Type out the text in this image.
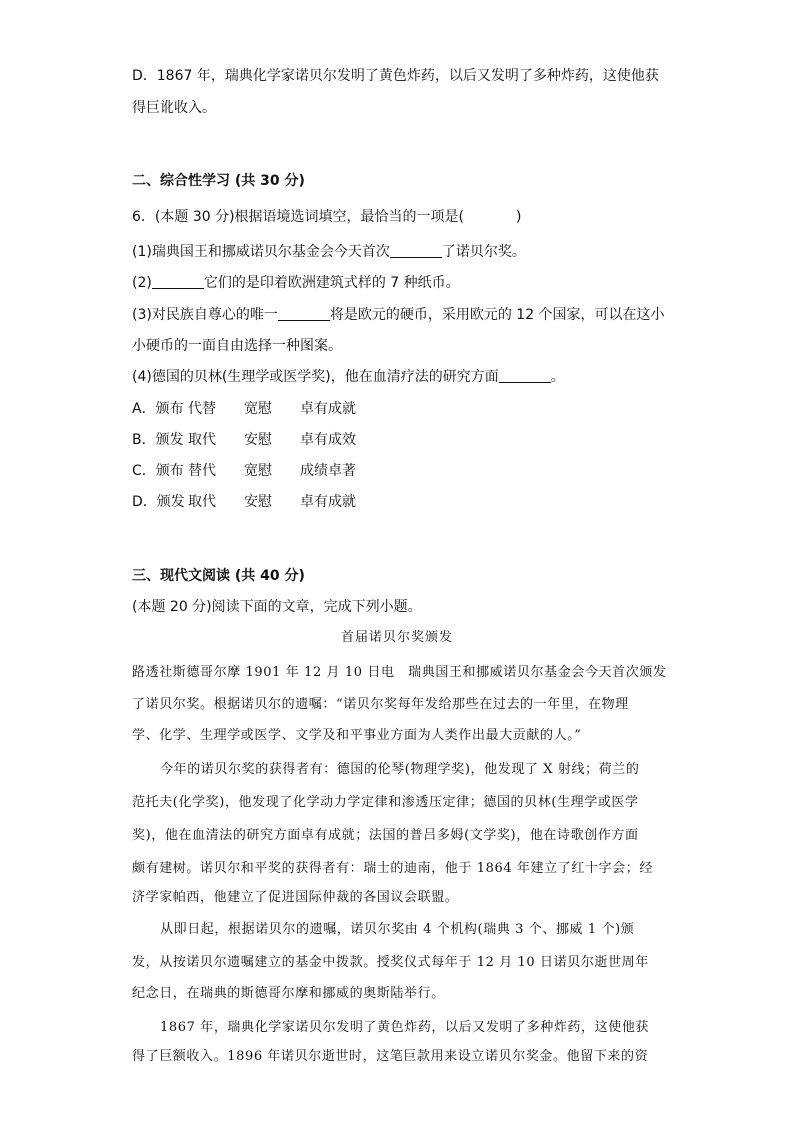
D．1867 年，瑞典化学家诺贝尔发明了黄色炸药，以后又发明了多种炸药，这使他获
得巨讹收入。
二、综合性学习 (共 30 分)
6．(本题 30 分)根据语境选词填空，最恰当的一项是(	)
(1)瑞典国王和挪威诺贝尔基金会今天首次	了诺贝尔奖。
(2)	它们的是印着欧洲建筑式样的 7 种纸币。
(3)对民族自尊心的唯一	将是欧元的硬币，采用欧元的 12 个国家，可以在这小
小硬币的一面自由选择一种图案。
(4)德国的贝林(生理学或医学奖)，他在血清疗法的研究方面	。
A．颁布 代替 宽慰 卓有成就
B．颁发 取代 安慰 卓有成效
C．颁布 替代 宽慰 成绩卓著
D．颁发 取代 安慰 卓有成就
三、现代文阅读 (共 40 分)
(本题 20 分)阅读下面的文章，完成下列小题。
首届诺贝尔奖颁发
路透社斯德哥尔摩 1901 年 12 月 10 日电　瑞典国王和挪威诺贝尔基金会今天首次颁发
了诺贝尔奖。根据诺贝尔的遗嘱：“诺贝尔奖每年发给那些在过去的一年里，在物理
学、化学、生理学或医学、文学及和平事业方面为人类作出最大贡献的人。”
今年的诺贝尔奖的获得者有：德国的伦琴(物理学奖)，他发现了 X 射线；荷兰的
范托夫(化学奖)，他发现了化学动力学定律和渗透压定律；德国的贝林(生理学或医学
奖)，他在血清法的研究方面卓有成就；法国的普吕多姆(文学奖)，他在诗歌创作方面
颇有建树。诺贝尔和平奖的获得者有：瑞士的迪南，他于 1864 年建立了红十字会；经
济学家帕西，他建立了促进国际仲裁的各国议会联盟。
从即日起，根据诺贝尔的遗嘱，诺贝尔奖由 4 个机构(瑞典 3 个、挪威 1 个)颁
发，从按诺贝尔遗嘱建立的基金中拨款。授奖仪式每年于 12 月 10 日诺贝尔逝世周年
纪念日，在瑞典的斯德哥尔摩和挪威的奥斯陆举行。
1867 年，瑞典化学家诺贝尔发明了黄色炸药，以后又发明了多种炸药，这使他获
得了巨额收入。1896 年诺贝尔逝世时，这笔巨款用来设立诺贝尔奖金。他留下来的资
